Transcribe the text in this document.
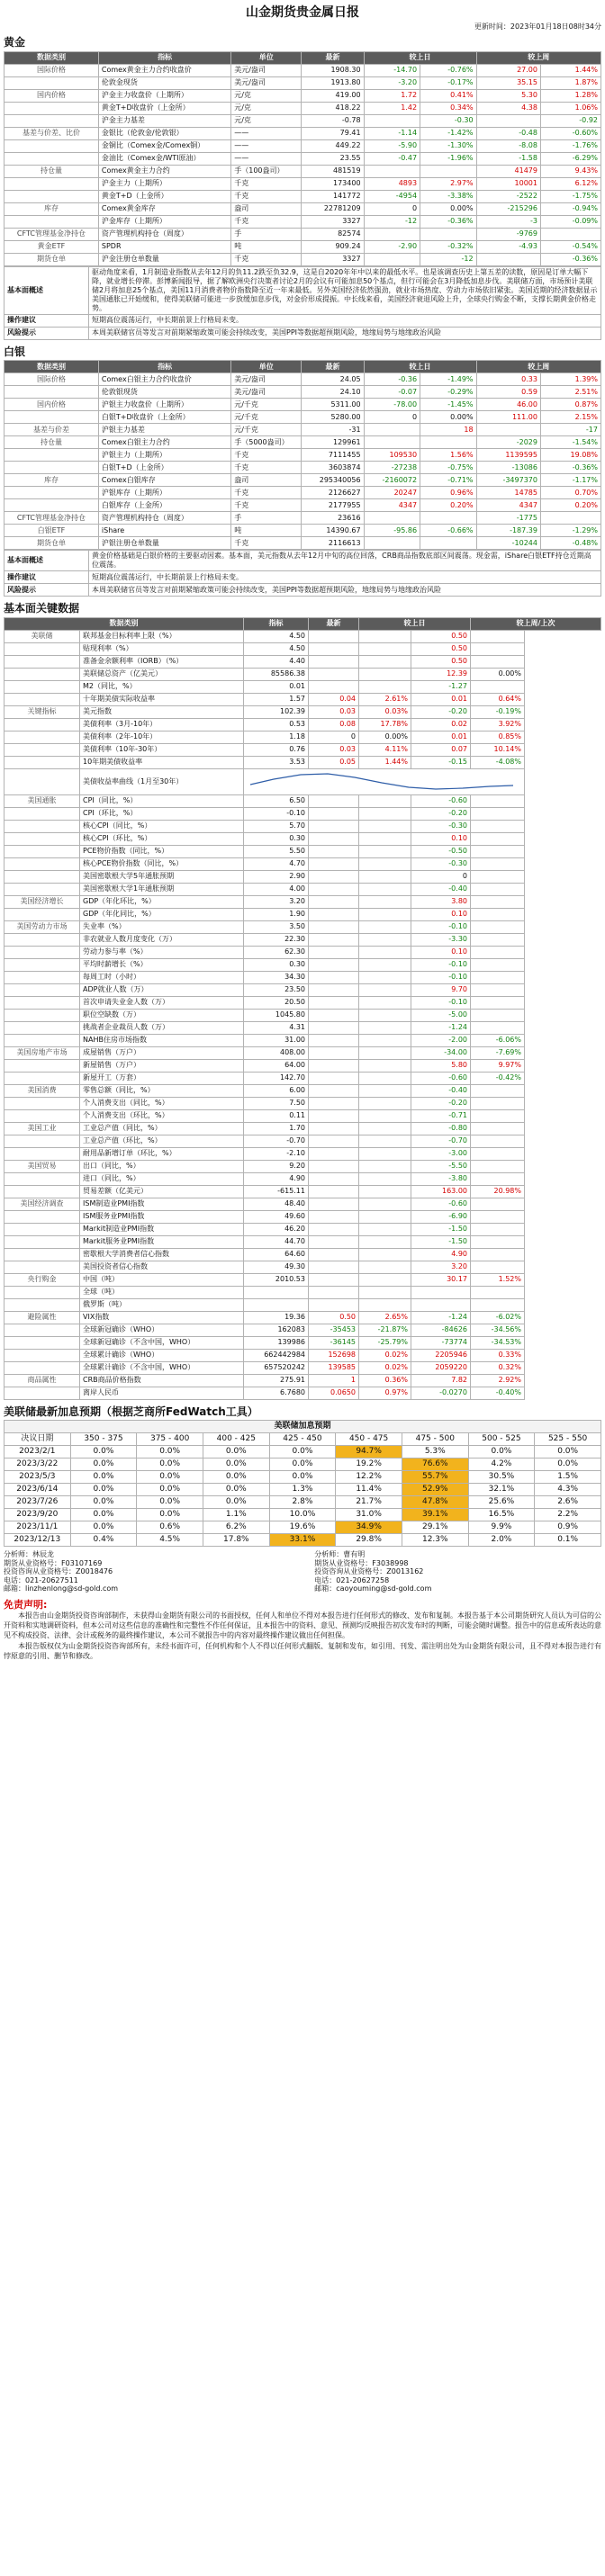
山金期货贵金属日报
更新时间：2023年01月18日08时34分
黄金
数据类别	指标	单位	最新	较上日		较上周	
国际价格	Comex黄金主力合约收盘价	美元/盎司	1908.30	-14.70	-0.76%	27.00	1.44%
	伦敦金现货	美元/盎司	1913.80	-3.20	-0.17%	35.15	1.87%
国内价格	沪金主力收盘价（上期所）	元/克	419.00	1.72	0.41%	5.30	1.28%
	黄金T+D收盘价（上金所）	元/克	418.22	1.42	0.34%	4.38	1.06%
	沪金主力基差	元/克	-0.78		-0.30		-0.92
基差与价差、比价	金银比（伦敦金/伦敦银）	——	79.41	-1.14	-1.42%	-0.48	-0.60%
	金铜比（Comex金/Comex铜）	——	449.22	-5.90	-1.30%	-8.08	-1.76%
	金油比（Comex金/WTI原油）	——	23.55	-0.47	-1.96%	-1.58	-6.29%
持仓量	Comex黄金主力合约	手（100盎司）	481519			41479	9.43%
	沪金主力（上期所）	千克	173400	4893	2.97%	10001	6.12%
	黄金T+D（上金所）	千克	141772	-4954	-3.38%	-2522	-1.75%
库存	Comex黄金库存	盎司	22781209	0	0.00%	-215296	-0.94%
	沪金库存（上期所）	千克	3327	-12	-0.36%	-3	-0.09%
CFTC管理基金净持仓	资产管理机构持仓（周度）	手	82574			-9769	
黄金ETF	SPDR	吨	909.24	-2.90	-0.32%	-4.93	-0.54%
期货仓单	沪金注册仓单数量	千克	3327		-12		-0.36%
基本面概述	驱动角度来看，1月制造业指数从去年12月的负11.2跌至负32.9，这是自2020年年中以来的最低水平。也是该调查历史上第五差的读数，原因是订单大幅下降，就业增长停滞。彭博新闻报导，据了解欧洲央行决策者讨论2月的会议有可能加息50个基点，但行可能会在3月降低加息步伐。美联储方面，市场预计美联储2月将加息25个基点，美国11月消费者物价指数降至近一年来最低。另外美国经济依然强劲，就业市场热度、劳动力市场依旧紧张。美国近期的经济数据显示美国通胀已开始缓和，使得美联储可能进一步放缓加息步伐，对金价形成提振。中长线来看，美国经济衰退风险上升，全球央行购金不断，支撑长期黄金价格走势。
操作建议	短期高位震荡运行，中长期前景上行格局未变。
风险提示	本周美联储官员等发言对前期紧缩政策可能会持续改变，美国PPI等数据超预期风险，地缘局势与地缘政治风险
白银
数据类别	指标	单位	最新	较上日		较上周	
国际价格	Comex白银主力合约收盘价	美元/盎司	24.05	-0.36	-1.49%	0.33	1.39%
	伦敦银现货	美元/盎司	24.10	-0.07	-0.29%	0.59	2.51%
国内价格	沪银主力收盘价（上期所）	元/千克	5311.00	-78.00	-1.45%	46.00	0.87%
	白银T+D收盘价（上金所）	元/千克	5280.00	0	0.00%	111.00	2.15%
基差与价差	沪银主力基差	元/千克	-31		18		-17
持仓量	Comex白银主力合约	手（5000盎司）	129961			-2029	-1.54%
	沪银主力（上期所）	千克	7111455	109530	1.56%	1139595	19.08%
	白银T+D（上金所）	千克	3603874	-27238	-0.75%	-13086	-0.36%
库存	Comex白银库存	盎司	295340056	-2160072	-0.71%	-3497370	-1.17%
	沪银库存（上期所）	千克	2126627	20247	0.96%	14785	0.70%
	白银库存（上金所）	千克	2177955	4347	0.20%	4347	0.20%
CFTC管理基金净持仓	资产管理机构持仓（周度）	手	23616			-1775	
白银ETF	iShare	吨	14390.67	-95.86	-0.66%	-187.39	-1.29%
期货仓单	沪银注册仓单数量	千克	2116613			-10244	-0.48%
基本面概述	黄金价格基础是白银价格的主要驱动因素。基本面，美元指数从去年12月中旬的高位回落，CRB商品指数底部区间震荡。现金需，iShare白银ETF持仓近期高位震荡。
操作建议	短期高位震荡运行，中长期前景上行格局未变。
风险提示	本周美联储官员等发言对前期紧缩政策可能会持续改变，美国PPI等数据超预期风险，地缘局势与地缘政治风险
基本面关键数据
数据类别		指标	最新	较上日		较上周/上次
美联储	联邦基金目标利率上限（%）	4.50			0.50	
	贴现利率（%）	4.50			0.50	
	准备金余额利率（IORB）（%）	4.40			0.50	
	美联储总资产（亿美元）	85586.38			12.39	0.00%
	M2（同比，%）	0.01			-1.27	
	十年期美债实际收益率	1.57	0.04	2.61%	0.01	0.64%
关键指标	美元指数	102.39	0.03	0.03%	-0.20	-0.19%
	美债利率（3月-10年）	0.53	0.08	17.78%	0.02	3.92%
	美债利率（2年-10年）	1.18	0	0.00%	0.01	0.85%
	美债利率（10年-30年）	0.76	0.03	4.11%	0.07	10.14%
	10年期美债收益率	3.53	0.05	1.44%	-0.15	-4.08%
	美债收益率曲线（1月至30年）	

美国通胀	CPI（同比，%）	6.50			-0.60	
	CPI（环比，%）	-0.10			-0.20	
	核心CPI（同比，%）	5.70			-0.30	
	核心CPI（环比，%）	0.30			0.10	
	PCE物价指数（同比，%）	5.50			-0.50	
	核心PCE物价指数（同比，%）	4.70			-0.30	
	美国密歇根大学5年通胀预期	2.90			0	
	美国密歇根大学1年通胀预期	4.00			-0.40	
美国经济增长	GDP（年化环比，%）	3.20			3.80	
	GDP（年化同比，%）	1.90			0.10	
美国劳动力市场	失业率（%）	3.50			-0.10	
	非农就业人数月度变化（万）	22.30			-3.30	
	劳动力参与率（%）	62.30			0.10	
	平均时薪增长（%）	0.30			-0.10	
	每周工时（小时）	34.30			-0.10	
	ADP就业人数（万）	23.50			9.70	
	首次申请失业金人数（万）	20.50			-0.10	
	职位空缺数（万）	1045.80			-5.00	
	挑战者企业裁员人数（万）	4.31			-1.24	
	NAHB住房市场指数	31.00			-2.00	-6.06%
美国房地产市场	成屋销售（万户）	408.00			-34.00	-7.69%
	新屋销售（万户）	64.00			5.80	9.97%
	新屋开工（万套）	142.70			-0.60	-0.42%
美国消费	零售总额（同比，%）	6.00			-0.40	
	个人消费支出（同比，%）	7.50			-0.20	
	个人消费支出（环比，%）	0.11			-0.71	
美国工业	工业总产值（同比，%）	1.70			-0.80	
	工业总产值（环比，%）	-0.70			-0.70	
	耐用品新增订单（环比，%）	-2.10			-3.00	
美国贸易	出口（同比，%）	9.20			-5.50	
	进口（同比，%）	4.90			-3.80	
	贸易差额（亿美元）	-615.11			163.00	20.98%
美国经济调查	ISM制造业PMI指数	48.40			-0.60	
	ISM服务业PMI指数	49.60			-6.90	
	Markit制造业PMI指数	46.20			-1.50	
	Markit服务业PMI指数	44.70			-1.50	
	密歇根大学消费者信心指数	64.60			4.90	
	美国投资者信心指数	49.30			3.20	
央行购金	中国（吨）	2010.53			30.17	1.52%
	全球（吨）					
	俄罗斯（吨）					
避险属性	VIX指数	19.36	0.50	2.65%	-1.24	-6.02%
	全球新冠确诊（WHO）	162083	-35453	-21.87%	-84626	-34.56%
	全球新冠确诊（不含中国，WHO）	139986	-36145	-25.79%	-73774	-34.53%
	全球累计确诊（WHO）	662442984	152698	0.02%	2205946	0.33%
	全球累计确诊（不含中国，WHO）	657520242	139585	0.02%	2059220	0.32%
商品属性	CRB商品价格指数	275.91	1	0.36%	7.82	2.92%
	离岸人民币	6.7680	0.0650	0.97%	-0.0270	-0.40%
美联储最新加息预期（根据芝商所FedWatch工具）
美联储加息预期								
决议日期	350 - 375	375 - 400	400 - 425	425 - 450	450 - 475	475 - 500	500 - 525	525 - 550
2023/2/1	0.0%	0.0%	0.0%	0.0%	94.7%	5.3%	0.0%	0.0%
2023/3/22	0.0%	0.0%	0.0%	0.0%	19.2%	76.6%	4.2%	0.0%
2023/5/3	0.0%	0.0%	0.0%	0.0%	12.2%	55.7%	30.5%	1.5%
2023/6/14	0.0%	0.0%	0.0%	1.3%	11.4%	52.9%	32.1%	4.3%
2023/7/26	0.0%	0.0%	0.0%	2.8%	21.7%	47.8%	25.6%	2.6%
2023/9/20	0.0%	0.0%	1.1%	10.0%	31.0%	39.1%	16.5%	2.2%
2023/11/1	0.0%	0.6%	6.2%	19.6%	34.9%	29.1%	9.9%	0.9%
2023/12/13	0.4%	4.5%	17.8%	33.1%	29.8%	12.3%	2.0%	0.1%
分析师：林辰龙
期货从业资格号：F03107169
投资咨询从业资格号：Z0018476
电话：021-20627511
邮箱：linzhenlong@sd-gold.com
分析师：曹有明
期货从业资格号：F3038998
投资咨询从业资格号：Z0013162
电话：021-20627258
邮箱：caoyouming@sd-gold.com
免责声明:
本报告由山金期货投资咨询部制作，未获得山金期货有限公司的书面授权，任何人和单位不得对本报告进行任何形式的修改、发布和复制。本报告基于本公司期货研究人员认为可信的公开资料和实地调研资料，但本公司对这些信息的准确性和完整性不作任何保证，且本报告中的资料、意见、预测均反映报告初次发布时的判断，可能会随时调整。报告中的信息或所表达的意见不构成投资、法律、会计或税务的最终操作建议，本公司不就报告中的内容对最终操作建议做出任何担保。
本报告版权仅为山金期货投资咨询部所有，未经书面许可，任何机构和个人不得以任何形式翻版、复制和发布，如引用、刊发、需注明出处为山金期货有限公司，且不得对本报告进行有悖原意的引用、删节和修改。
